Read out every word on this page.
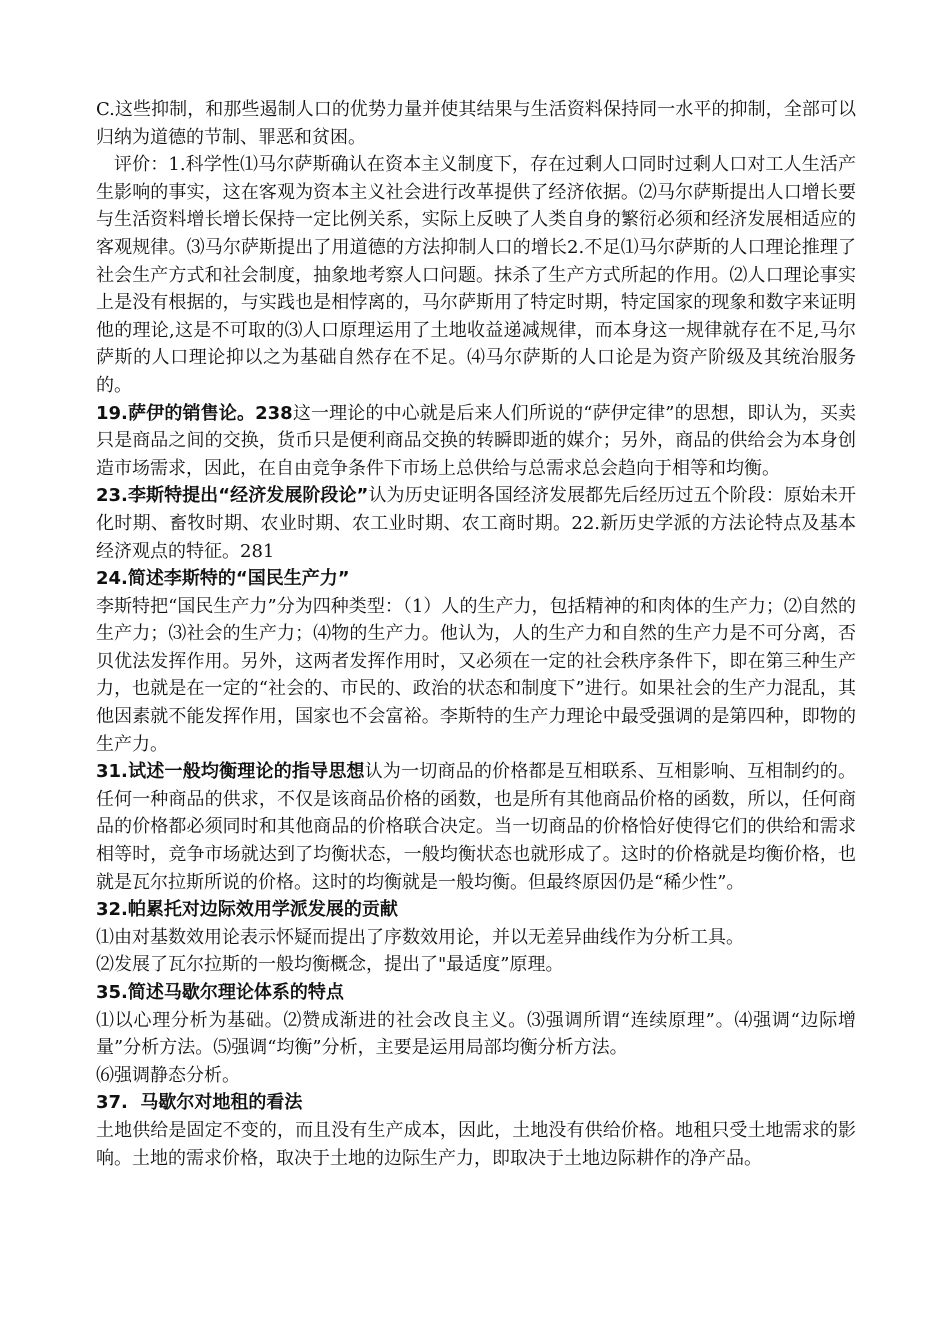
C.这些抑制，和那些遏制人口的优势力量并使其结果与生活资料保持同一水平的抑制，全部可以归纳为道德的节制、罪恶和贫困。

评价：1.科学性⑴马尔萨斯确认在资本主义制度下，存在过剩人口同时过剩人口对工人生活产生影响的事实，这在客观为资本主义社会进行改革提供了经济依据。⑵马尔萨斯提出人口增长要与生活资料增长增长保持一定比例关系，实际上反映了人类自身的繁衍必须和经济发展相适应的客观规律。⑶马尔萨斯提出了用道德的方法抑制人口的增长2.不足⑴马尔萨斯的人口理论推理了社会生产方式和社会制度，抽象地考察人口问题。抹杀了生产方式所起的作用。⑵人口理论事实上是没有根据的，与实践也是相悖离的，马尔萨斯用了特定时期，特定国家的现象和数字来证明他的理论,这是不可取的⑶人口原理运用了土地收益递减规律，而本身这一规律就存在不足,马尔萨斯的人口理论抑以之为基础自然存在不足。⑷马尔萨斯的人口论是为资产阶级及其统治服务的。

19.萨伊的销售论。238这一理论的中心就是后来人们所说的“萨伊定律”的思想，即认为，买卖只是商品之间的交换，货币只是便利商品交换的转瞬即逝的媒介；另外，商品的供给会为本身创造市场需求，因此，在自由竞争条件下市场上总供给与总需求总会趋向于相等和均衡。

23.李斯特提出“经济发展阶段论”认为历史证明各国经济发展都先后经历过五个阶段：原始未开化时期、畜牧时期、农业时期、农工业时期、农工商时期。22.新历史学派的方法论特点及基本经济观点的特征。281

24.简述李斯特的“国民生产力”

李斯特把“国民生产力”分为四种类型：（1）人的生产力，包括精神的和肉体的生产力；⑵自然的生产力；⑶社会的生产力；⑷物的生产力。他认为，人的生产力和自然的生产力是不可分离，否贝优法发挥作用。另外，这两者发挥作用时，又必须在一定的社会秩序条件下，即在第三种生产力，也就是在一定的“社会的、市民的、政治的状态和制度下”进行。如果社会的生产力混乱，其他因素就不能发挥作用，国家也不会富裕。李斯特的生产力理论中最受强调的是第四种，即物的生产力。

31.试述一般均衡理论的指导思想认为一切商品的价格都是互相联系、互相影响、互相制约的。任何一种商品的供求，不仅是该商品价格的函数，也是所有其他商品价格的函数，所以，任何商品的价格都必须同时和其他商品的价格联合决定。当一切商品的价格恰好使得它们的供给和需求相等时，竞争市场就达到了均衡状态，一般均衡状态也就形成了。这时的价格就是均衡价格，也就是瓦尔拉斯所说的价格。这时的均衡就是一般均衡。但最终原因仍是“稀少性”。

32.帕累托对边际效用学派发展的贡献

⑴由对基数效用论表示怀疑而提出了序数效用论，并以无差异曲线作为分析工具。

⑵发展了瓦尔拉斯的一般均衡概念，提出了"最适度”原理。

35.简述马歇尔理论体系的特点

⑴以心理分析为基础。⑵赞成渐进的社会改良主义。⑶强调所谓“连续原理”。⑷强调“边际增量”分析方法。⑸强调“均衡”分析，主要是运用局部均衡分析方法。

⑹强调静态分析。

37.  马歇尔对地租的看法

土地供给是固定不变的，而且没有生产成本，因此，土地没有供给价格。地租只受土地需求的影响。土地的需求价格，取决于土地的边际生产力，即取决于土地边际耕作的净产品。
